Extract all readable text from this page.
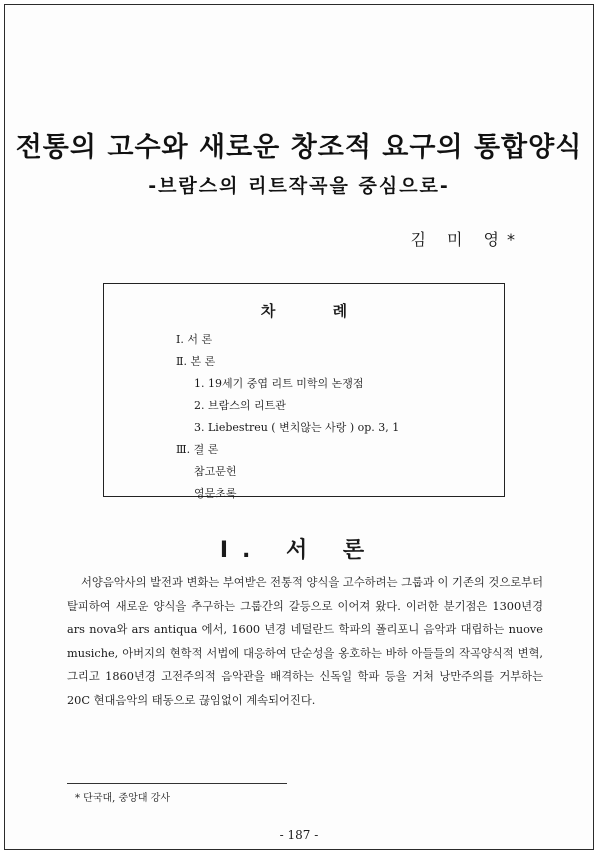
전통의 고수와 새로운 창조적 요구의 통합양식
-브람스의 리트작곡을 중심으로-
김 미 영*
차 례
Ⅰ. 서 론
Ⅱ. 본 론
1. 19세기 중엽 리트 미학의 논쟁점
2. 브람스의 리트관
3. Liebestreu ( 변치않는 사랑 ) op. 3, 1
Ⅲ. 결 론
참고문헌
영문초록
Ⅰ. 서 론

서양음악사의 발전과 변화는 부여받은 전통적 양식을 고수하려는 그룹과 이 기존의 것으로부터 탈피하여 새로운 양식을 추구하는 그룹간의 갈등으로 이어져 왔다. 이러한 분기점은 1300년경 ars nova와 ars antiqua 에서, 1600 년경 네덜란드 학파의 폴리포니 음악과 대립하는 nuove musiche, 아버지의 현학적 서법에 대응하여 단순성을 옹호하는 바하 아들들의 작곡양식적 변혁, 그리고 1860년경 고전주의적 음악관을 배격하는 신독일 학파 등을 거쳐 낭만주의를 거부하는 20C 현대음악의 태동으로 끊임없이 계속되어진다.

* 단국대, 중앙대 강사
- 187 -
